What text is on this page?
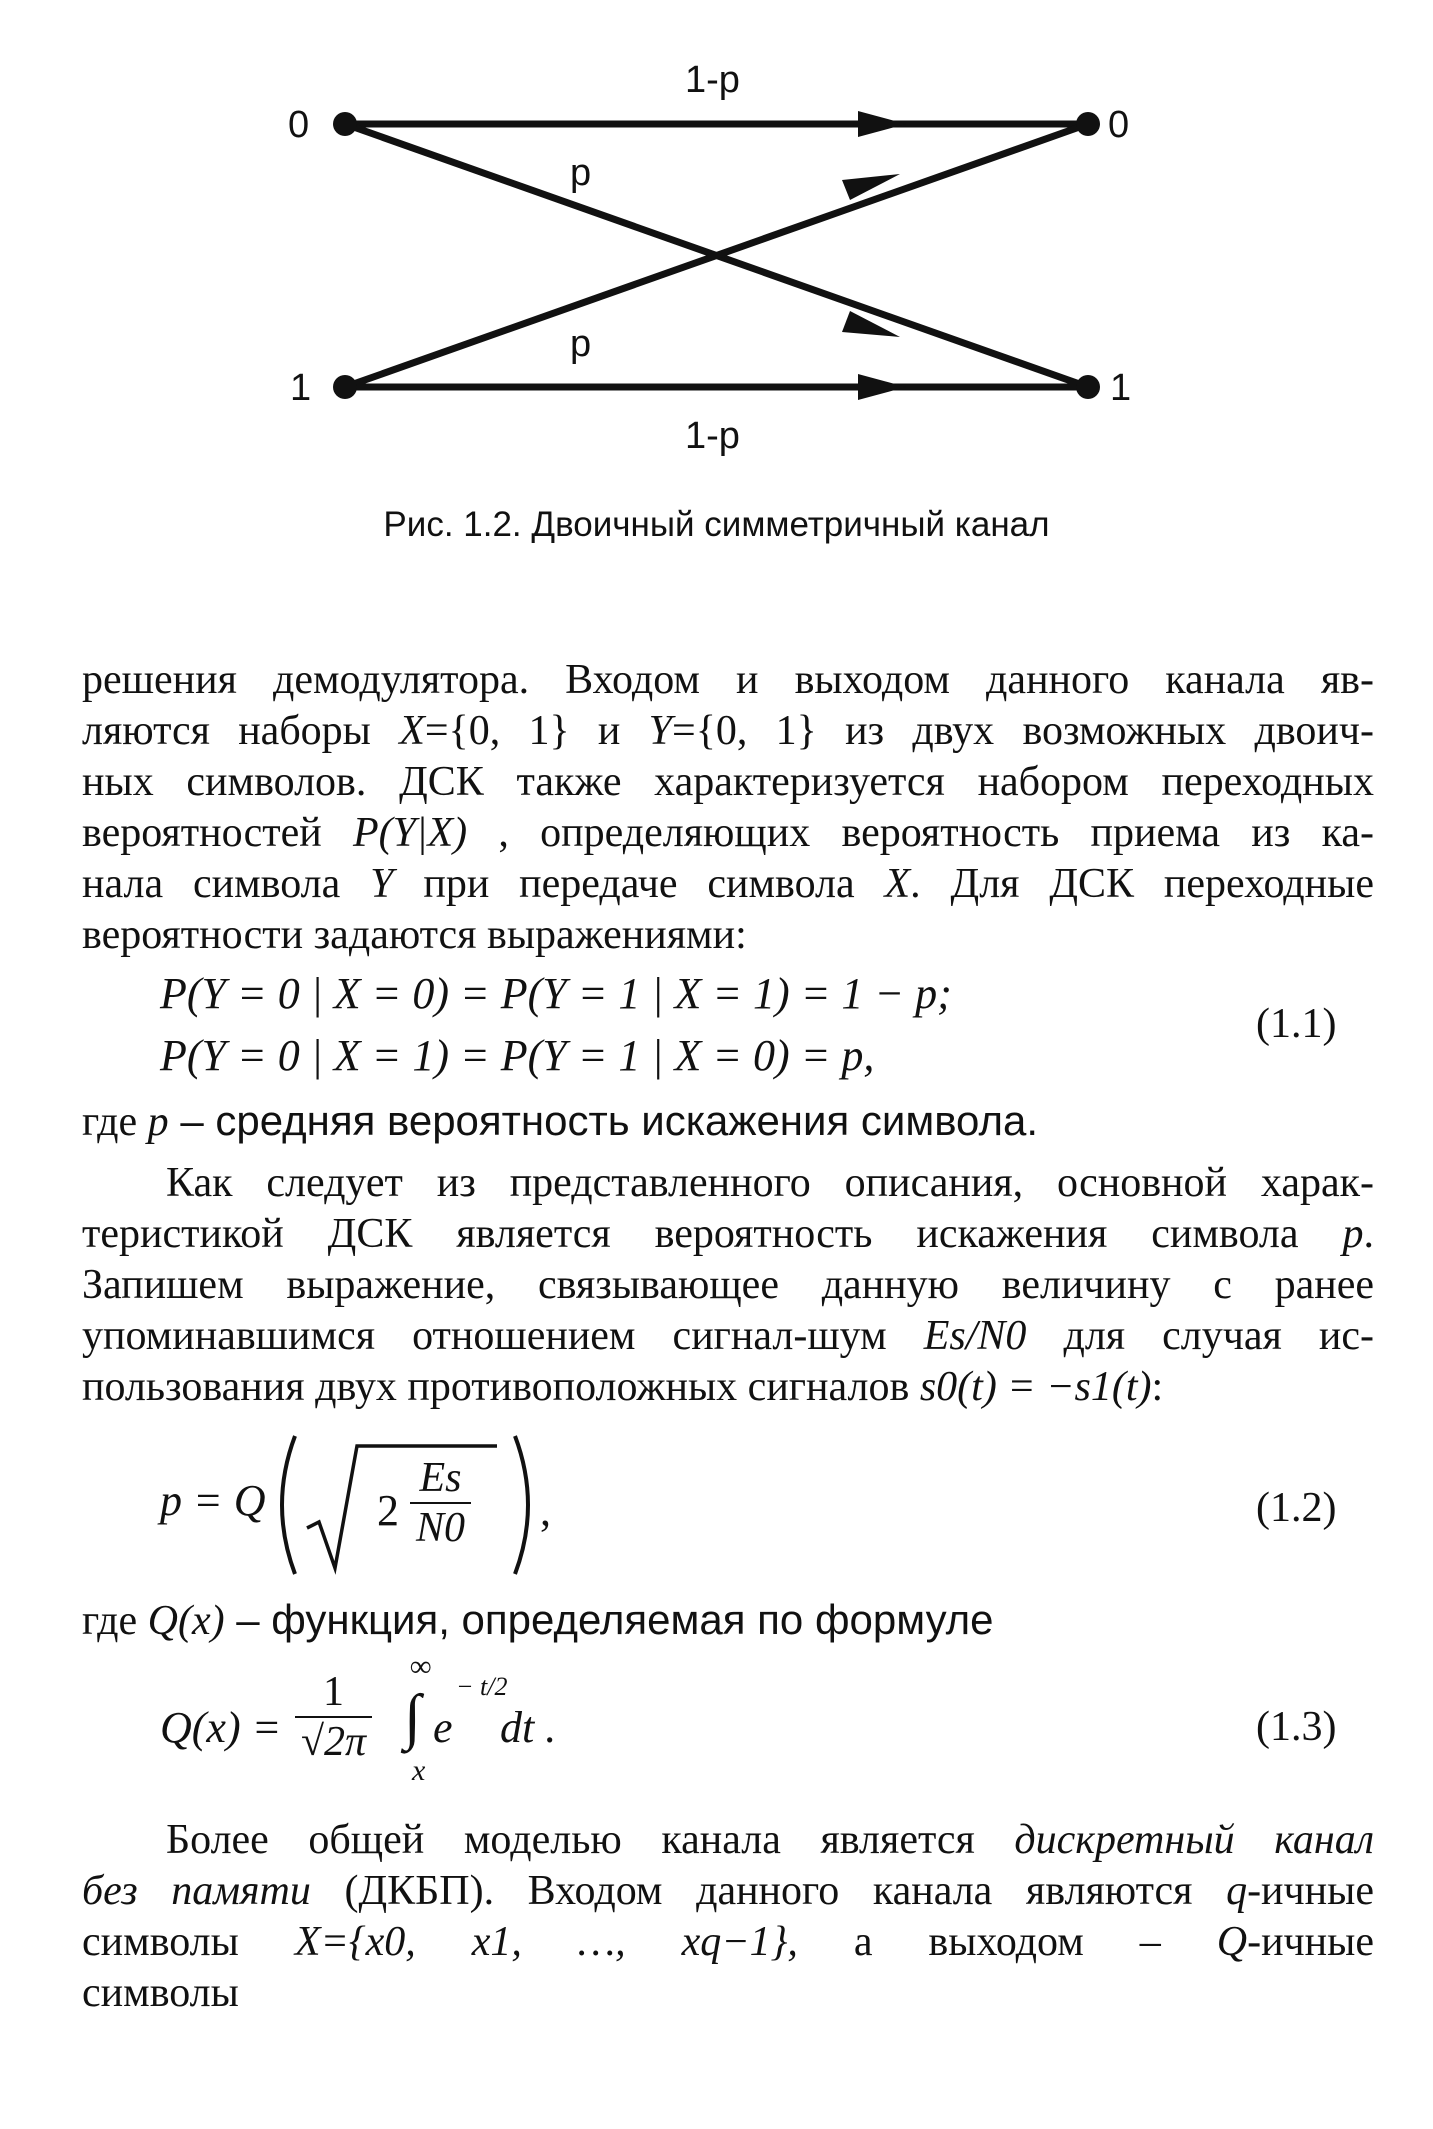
0
1
0
1
1-p
p
p
1-p
Рис. 1.2. Двоичный симметричный канал

решения демодулятора. Входом и выходом данного канала яв-

ляются наборы X={0, 1} и Y={0, 1} из двух возможных двоич-

ных символов. ДСК также характеризуется набором переходных

вероятностей P(Y|X) , определяющих вероятность приема из ка-

нала символа Y при передаче символа X. Для ДСК переходные

вероятности задаются выражениями:

P(Y = 0 | X = 0) = P(Y = 1 | X = 1) = 1 − p;
P(Y = 0 | X = 1) = P(Y = 1 | X = 0) = p,
(1.1)

где p – средняя вероятность искажения символа.

Как следует из представленного описания, основной харак-

теристикой ДСК является вероятность искажения символа p.

Запишем выражение, связывающее данную величину с ранее

упоминавшимся отношением сигнал-шум Es/N0 для случая ис-

пользования двух противоположных сигналов s0(t) = −s1(t):

p = Q	$2 \frac{Es}{N0}$ ,	(1.2)

где Q(x) – функция, определяемая по формуле

$Q(x) = \frac{1}{√2\pi}$
∞
∫
x
e
− t/2
dt .	(1.3)

Более общей моделью канала является дискретный канал

без памяти (ДКБП). Входом данного канала являются q-ичные

символы X={x0, x1, …, xq−1}, а выходом – Q-ичные символы
